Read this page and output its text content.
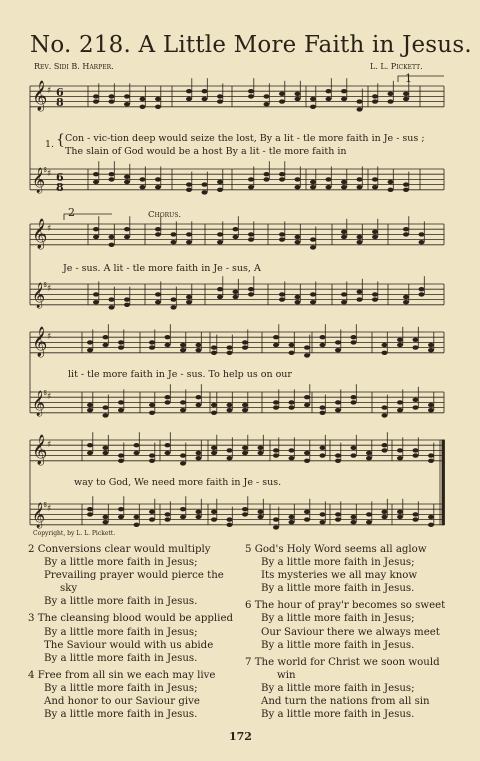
No. 218. A Little More Faith in Jesus.
Rev. Sidi B. Harper.	L. L. Pickett.
𝄞 ♯
𝄟 ♯
𝄞 ♯
𝄟 ♯
𝄞 ♯
𝄟 ♯
𝄞 ♯
𝄟 ♯
6
8
6
8
1
2	Chorus.
1. { Con - vic-tion deep would seize the lost, By a lit - tle more faith in Je - sus ;
The slain of God would be a host By a lit - tle more faith in
Je - sus. A lit - tle more faith in Je - sus, A
lit - tle more faith in Je - sus. To help us on our
way to God, We need more faith in Je - sus.
Copyright, by L. L. Pickett.
2 Conversions clear would multiply
By a little more faith in Jesus;
Prevailing prayer would pierce the
sky
By a little more faith in Jesus.
3 The cleansing blood would be applied
By a little more faith in Jesus;
The Saviour would with us abide
By a little more faith in Jesus.
4 Free from all sin we each may live
By a little more faith in Jesus;
And honor to our Saviour give
By a little more faith in Jesus.
5 God's Holy Word seems all aglow
By a little more faith in Jesus;
Its mysteries we all may know
By a little more faith in Jesus.
6 The hour of pray'r becomes so sweet
By a little more faith in Jesus;
Our Saviour there we always meet
By a little more faith in Jesus.
7 The world for Christ we soon would
win
By a little more faith in Jesus;
And turn the nations from all sin
By a little more faith in Jesus.
172
